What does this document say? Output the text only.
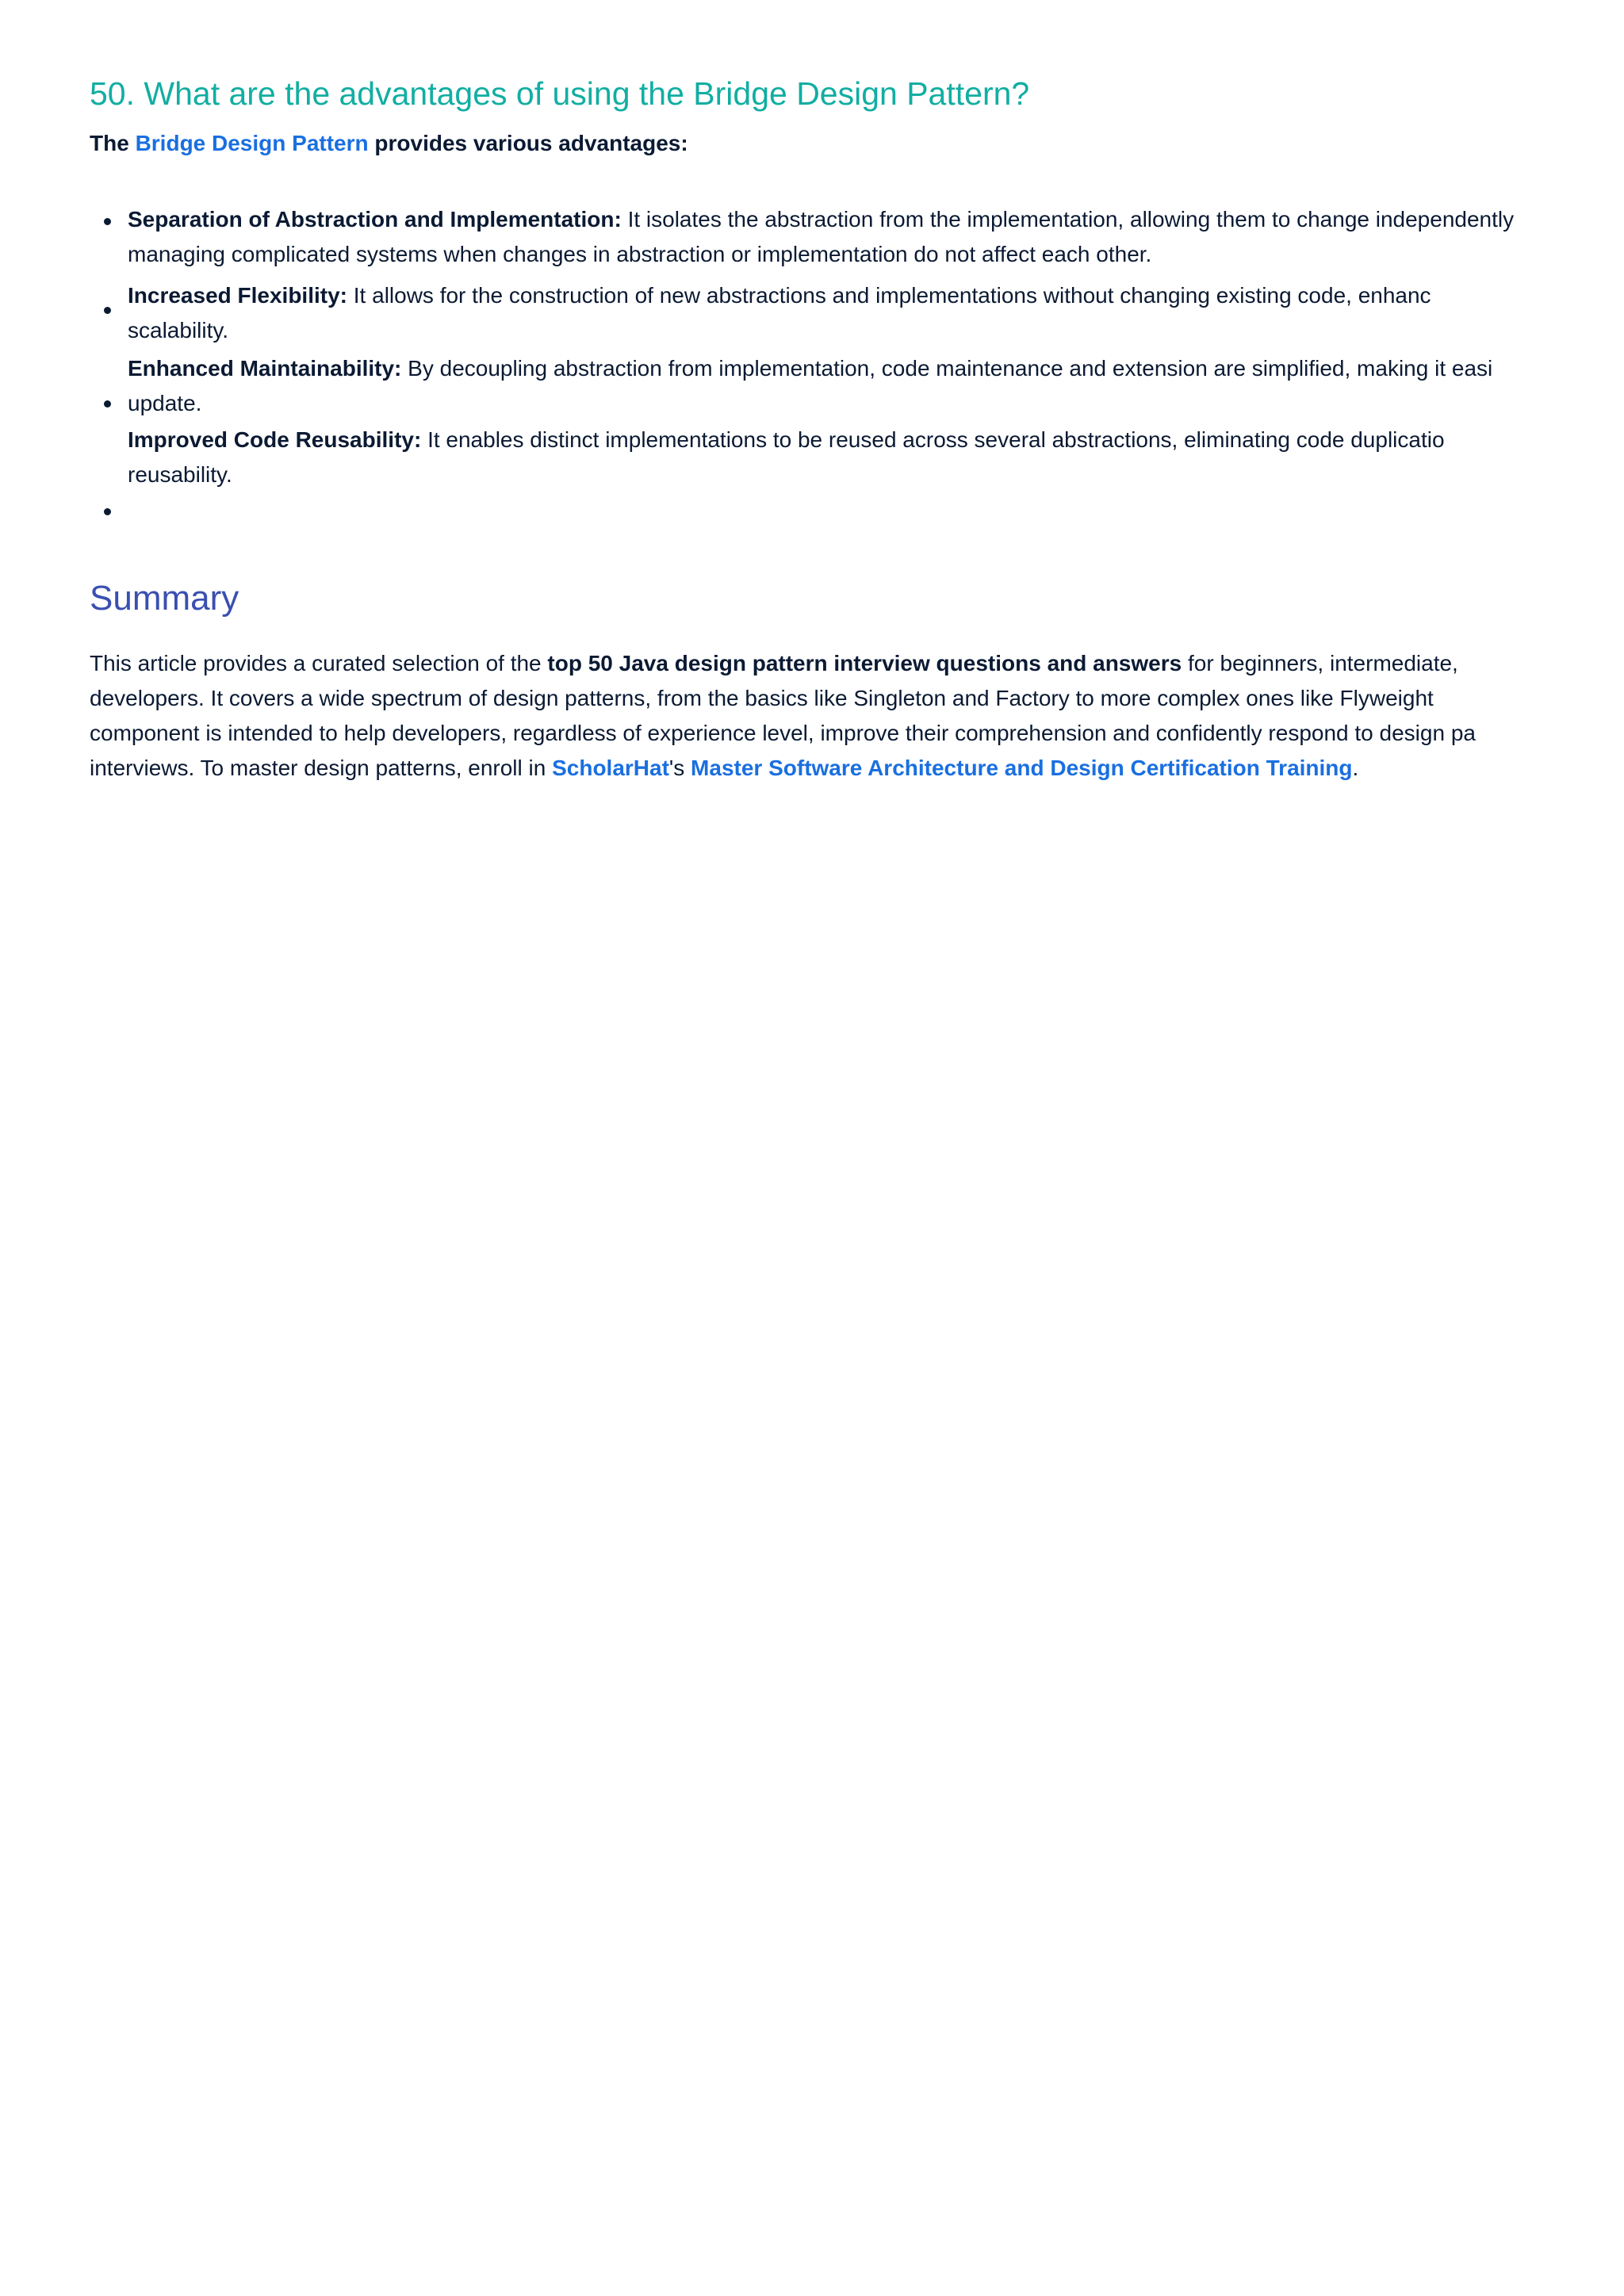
50. What are the advantages of using the Bridge Design Pattern?

The Bridge Design Pattern provides various advantages:

Separation of Abstraction and Implementation: It isolates the abstraction from the implementation, allowing them to change independently
managing complicated systems when changes in abstraction or implementation do not affect each other.
Increased Flexibility: It allows for the construction of new abstractions and implementations without changing existing code, enhanc
scalability.
Enhanced Maintainability: By decoupling abstraction from implementation, code maintenance and extension are simplified, making it easi
update.
Improved Code Reusability: It enables distinct implementations to be reused across several abstractions, eliminating code duplicatio
reusability.
Summary

This article provides a curated selection of the top 50 Java design pattern interview questions and answers for beginners, intermediate,
developers. It covers a wide spectrum of design patterns, from the basics like Singleton and Factory to more complex ones like Flyweight
component is intended to help developers, regardless of experience level, improve their comprehension and confidently respond to design pa
interviews. To master design patterns, enroll in ScholarHat's Master Software Architecture and Design Certification Training.
